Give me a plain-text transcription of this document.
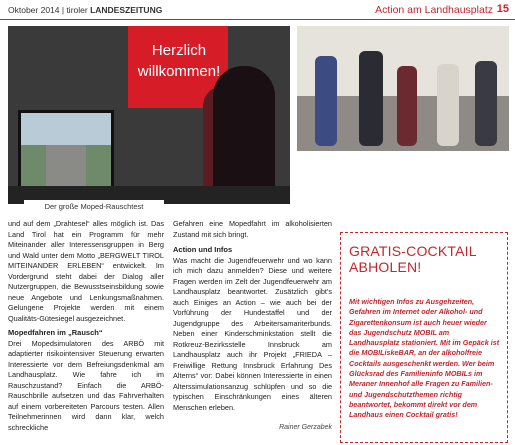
Oktober 2014 | tiroler LANDESZEITUNG	Action am Landhausplatz 15
Herzlich willkommen!
Der große Moped-Rauschtest

und auf dem „Drahtesel“ alles möglich ist. Das Land Tirol hat ein Programm für mehr Miteinander aller Interessensgruppen in Berg und Wald unter dem Motto „BERGWELT TIROL MITEINANDER ERLEBEN“ entwickelt. Im Vordergrund steht dabei der Dialog aller Nutzergruppen, die Bewusstseinsbildung sowie neue Angebote und Lenkungsmaßnahmen. Gelungene Projekte werden mit einem Qualitäts-Gütesiegel ausgezeichnet.

Mopedfahren im „Rausch“

Drei Mopedsimulatoren des ARBÖ mit adaptierter risikointensiver Steuerung erwarten Interessierte vor dem Befreiungsdenkmal am Landhausplatz. Wie fahre ich im Rauschzustand? Einfach die ARBÖ-Rauschbrille aufsetzen und das Fahrverhalten auf einem vorbereiteten Parcours testen. Allen Teilnehmerinnen wird dann klar, welch schreckliche

Gefahren eine Mopedfahrt im alkoholisierten Zustand mit sich bringt.

Action und Infos

Was macht die Jugendfeuerwehr und wo kann ich mich dazu anmelden? Diese und weitere Fragen werden im Zelt der Jugendfeuerwehr am Landhausplatz beantwortet. Zusätzlich gibt's auch Einiges an Action – wie auch bei der Vorführung der Hundestaffel und der Jugendgruppe des Arbeitersamariterbunds. Neben einer Kinderschminkstation stellt die Rotkreuz-Bezirksstelle Innsbruck am Landhausplatz auch ihr Projekt „FRIEDA – Freiwillige Rettung Innsbruck Erfahrung Des Alterns“ vor: Dabei können Interessierte in einen Alterssimulationsanzug schlüpfen und so die typischen Einschränkungen eines älteren Menschen erleben.

Rainer Gerzabek
GRATIS-COCKTAIL ABHOLEN!
Mit wichtigen Infos zu Ausgehzeiten, Gefahren im Internet oder Alkohol- und Zigarettenkonsum ist auch heuer wieder das Jugendschutz MOBIL am Landhausplatz stationiert. Mit im Gepäck ist die MOBILiskeBAR, an der alkoholfreie Cocktails ausgeschenkt werden. Wer beim Glücksrad des Familieninfo MOBILs im Meraner Innenhof alle Fragen zu Familien- und Jugendschutzthemen richtig beantwortet, bekommt direkt vor dem Landhaus einen Cocktail gratis!
